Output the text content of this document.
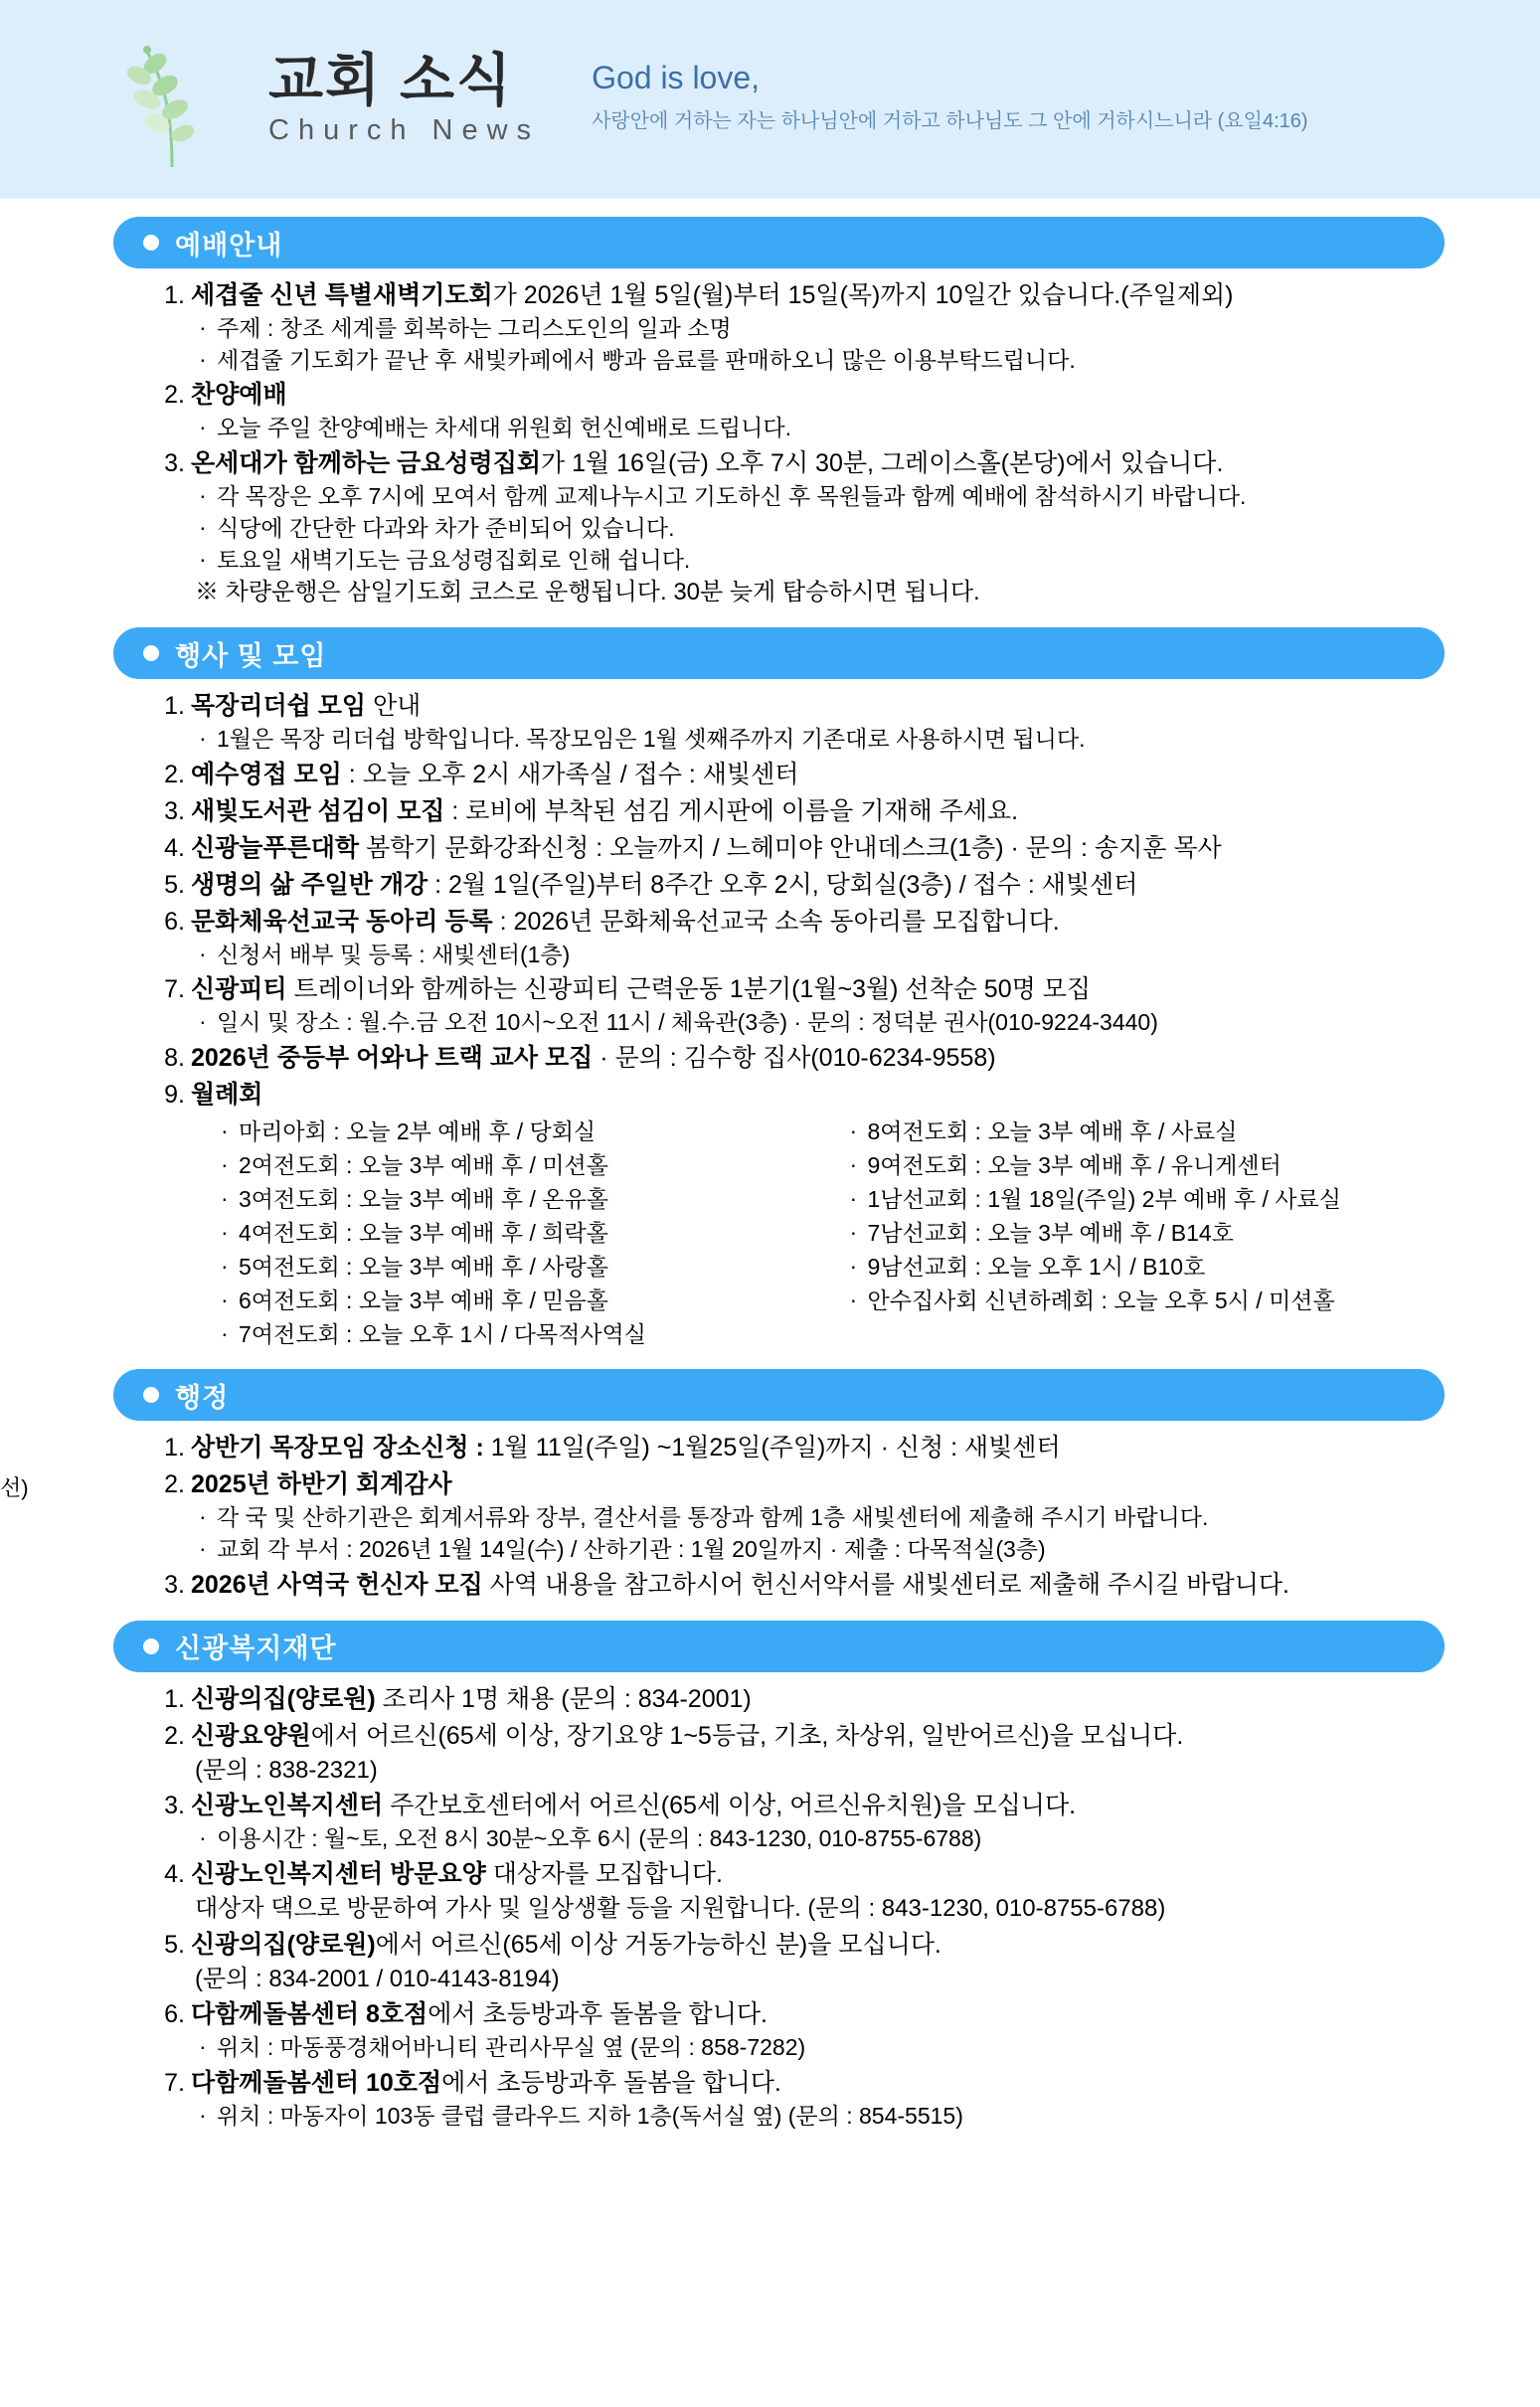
교회 소식
Church News
God is love,
사랑안에 거하는 자는 하나님안에 거하고 하나님도 그 안에 거하시느니라 (요일4:16)
선)
예배안내
1. 세겹줄 신년 특별새벽기도회가 2026년 1월 5일(월)부터 15일(목)까지 10일간 있습니다.(주일제외)
· 주제 : 창조 세계를 회복하는 그리스도인의 일과 소명
· 세겹줄 기도회가 끝난 후 새빛카페에서 빵과 음료를 판매하오니 많은 이용부탁드립니다.
2. 찬양예배
· 오늘 주일 찬양예배는 차세대 위원회 헌신예배로 드립니다.
3. 온세대가 함께하는 금요성령집회가 1월 16일(금) 오후 7시 30분, 그레이스홀(본당)에서 있습니다.
· 각 목장은 오후 7시에 모여서 함께 교제나누시고 기도하신 후 목원들과 함께 예배에 참석하시기 바랍니다.
· 식당에 간단한 다과와 차가 준비되어 있습니다.
· 토요일 새벽기도는 금요성령집회로 인해 쉽니다.
※ 차량운행은 삼일기도회 코스로 운행됩니다. 30분 늦게 탑승하시면 됩니다.
행사 및 모임
1. 목장리더쉽 모임 안내
· 1월은 목장 리더쉽 방학입니다. 목장모임은 1월 셋째주까지 기존대로 사용하시면 됩니다.
2. 예수영접 모임 : 오늘 오후 2시 새가족실 / 접수 : 새빛센터
3. 새빛도서관 섬김이 모집 : 로비에 부착된 섬김 게시판에 이름을 기재해 주세요.
4. 신광늘푸른대학 봄학기 문화강좌신청 : 오늘까지 / 느헤미야 안내데스크(1층) · 문의 : 송지훈 목사
5. 생명의 삶 주일반 개강 : 2월 1일(주일)부터 8주간 오후 2시, 당회실(3층) / 접수 : 새빛센터
6. 문화체육선교국 동아리 등록 : 2026년 문화체육선교국 소속 동아리를 모집합니다.
· 신청서 배부 및 등록 : 새빛센터(1층)
7. 신광피티 트레이너와 함께하는 신광피티 근력운동 1분기(1월~3월) 선착순 50명 모집
· 일시 및 장소 : 월.수.금 오전 10시~오전 11시 / 체육관(3층) · 문의 : 정덕분 권사(010-9224-3440)
8. 2026년 중등부 어와나 트랙 교사 모집 · 문의 : 김수항 집사(010-6234-9558)
9. 월례회
· 마리아회 : 오늘 2부 예배 후 / 당회실
· 2여전도회 : 오늘 3부 예배 후 / 미션홀
· 3여전도회 : 오늘 3부 예배 후 / 온유홀
· 4여전도회 : 오늘 3부 예배 후 / 희락홀
· 5여전도회 : 오늘 3부 예배 후 / 사랑홀
· 6여전도회 : 오늘 3부 예배 후 / 믿음홀
· 7여전도회 : 오늘 오후 1시 / 다목적사역실
· 8여전도회 : 오늘 3부 예배 후 / 사료실
· 9여전도회 : 오늘 3부 예배 후 / 유니게센터
· 1남선교회 : 1월 18일(주일) 2부 예배 후 / 사료실
· 7남선교회 : 오늘 3부 예배 후 / B14호
· 9남선교회 : 오늘 오후 1시 / B10호
· 안수집사회 신년하례회 : 오늘 오후 5시 / 미션홀
행정
1. 상반기 목장모임 장소신청 : 1월 11일(주일) ~1월25일(주일)까지 · 신청 : 새빛센터
2. 2025년 하반기 회계감사
· 각 국 및 산하기관은 회계서류와 장부, 결산서를 통장과 함께 1층 새빛센터에 제출해 주시기 바랍니다.
· 교회 각 부서 : 2026년 1월 14일(수) / 산하기관 : 1월 20일까지 · 제출 : 다목적실(3층)
3. 2026년 사역국 헌신자 모집 사역 내용을 참고하시어 헌신서약서를 새빛센터로 제출해 주시길 바랍니다.
신광복지재단
1. 신광의집(양로원) 조리사 1명 채용 (문의 : 834-2001)
2. 신광요양원에서 어르신(65세 이상, 장기요양 1~5등급, 기초, 차상위, 일반어르신)을 모십니다.
(문의 : 838-2321)
3. 신광노인복지센터 주간보호센터에서 어르신(65세 이상, 어르신유치원)을 모십니다.
· 이용시간 : 월~토, 오전 8시 30분~오후 6시 (문의 : 843-1230, 010-8755-6788)
4. 신광노인복지센터 방문요양 대상자를 모집합니다.
대상자 댁으로 방문하여 가사 및 일상생활 등을 지원합니다. (문의 : 843-1230, 010-8755-6788)
5. 신광의집(양로원)에서 어르신(65세 이상 거동가능하신 분)을 모십니다.
(문의 : 834-2001 / 010-4143-8194)
6. 다함께돌봄센터 8호점에서 초등방과후 돌봄을 합니다.
· 위치 : 마동풍경채어바니티 관리사무실 옆 (문의 : 858-7282)
7. 다함께돌봄센터 10호점에서 초등방과후 돌봄을 합니다.
· 위치 : 마동자이 103동 클럽 클라우드 지하 1층(독서실 옆) (문의 : 854-5515)
